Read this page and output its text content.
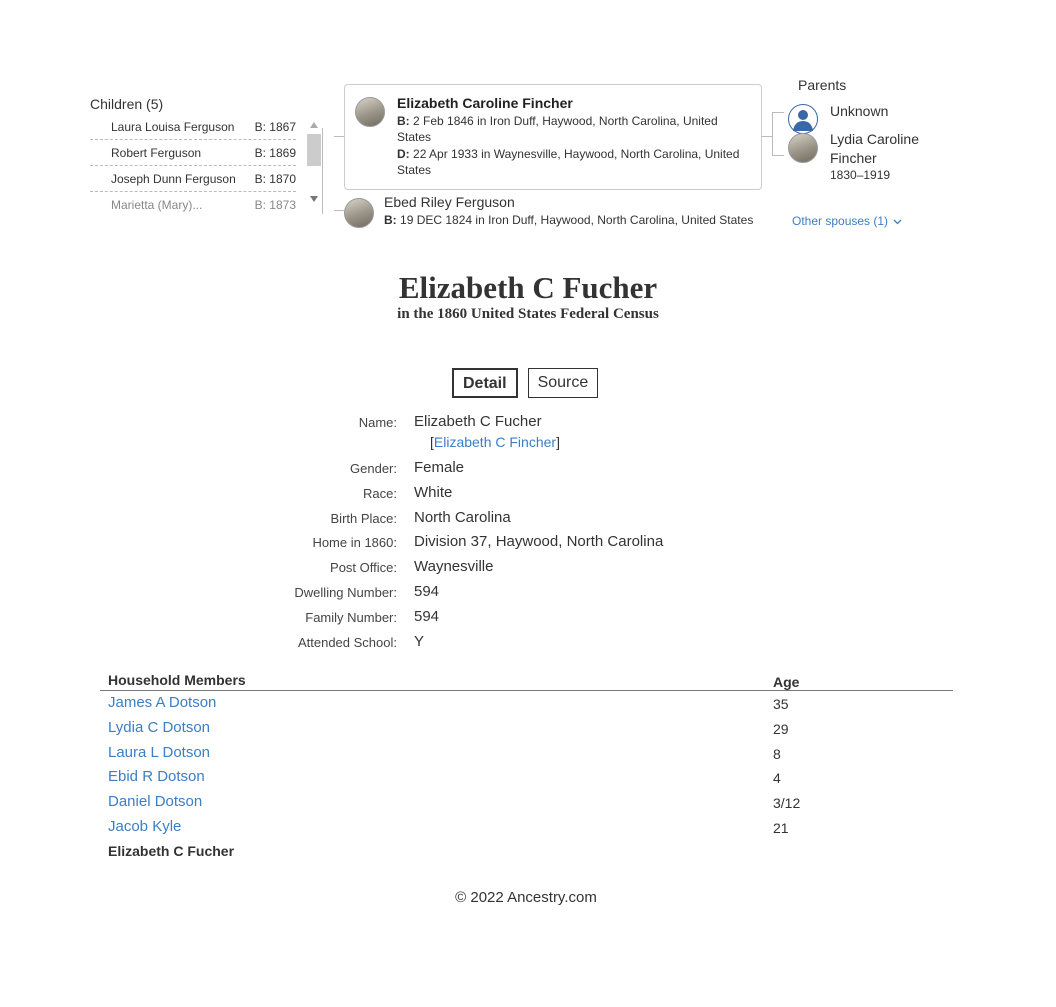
Children (5)
Laura Louisa Ferguson B: 1867
Robert Ferguson	B: 1869
Joseph Dunn Ferguson B: 1870
Marietta (Mary)...	B: 1873
Elizabeth Caroline Fincher
B: 2 Feb 1846 in Iron Duff, Haywood, North Carolina, United States
D: 22 Apr 1933 in Waynesville, Haywood, North Carolina, United States
Ebed Riley Ferguson
B: 19 DEC 1824 in Iron Duff, Haywood, North Carolina, United States
Parents
Unknown
Lydia Caroline Fincher
1830–1919
Other spouses (1)
Elizabeth C Fucher
in the 1860 United States Federal Census
Detail	Source
Name:	Elizabeth C Fucher
Gender:	Female
Race:	White
Birth Place:	North Carolina
Home in 1860:	Division 37, Haywood, North Carolina
Post Office:	Waynesville
Dwelling Number:	594
Family Number:	594
Attended School:	Y
[Elizabeth C Fincher]
Household Members	Age
James A Dotson	35
Lydia C Dotson	29
Laura L Dotson	8
Ebid R Dotson	4
Daniel Dotson	3/12
Jacob Kyle	21
Elizabeth C Fucher
© 2022 Ancestry.com
